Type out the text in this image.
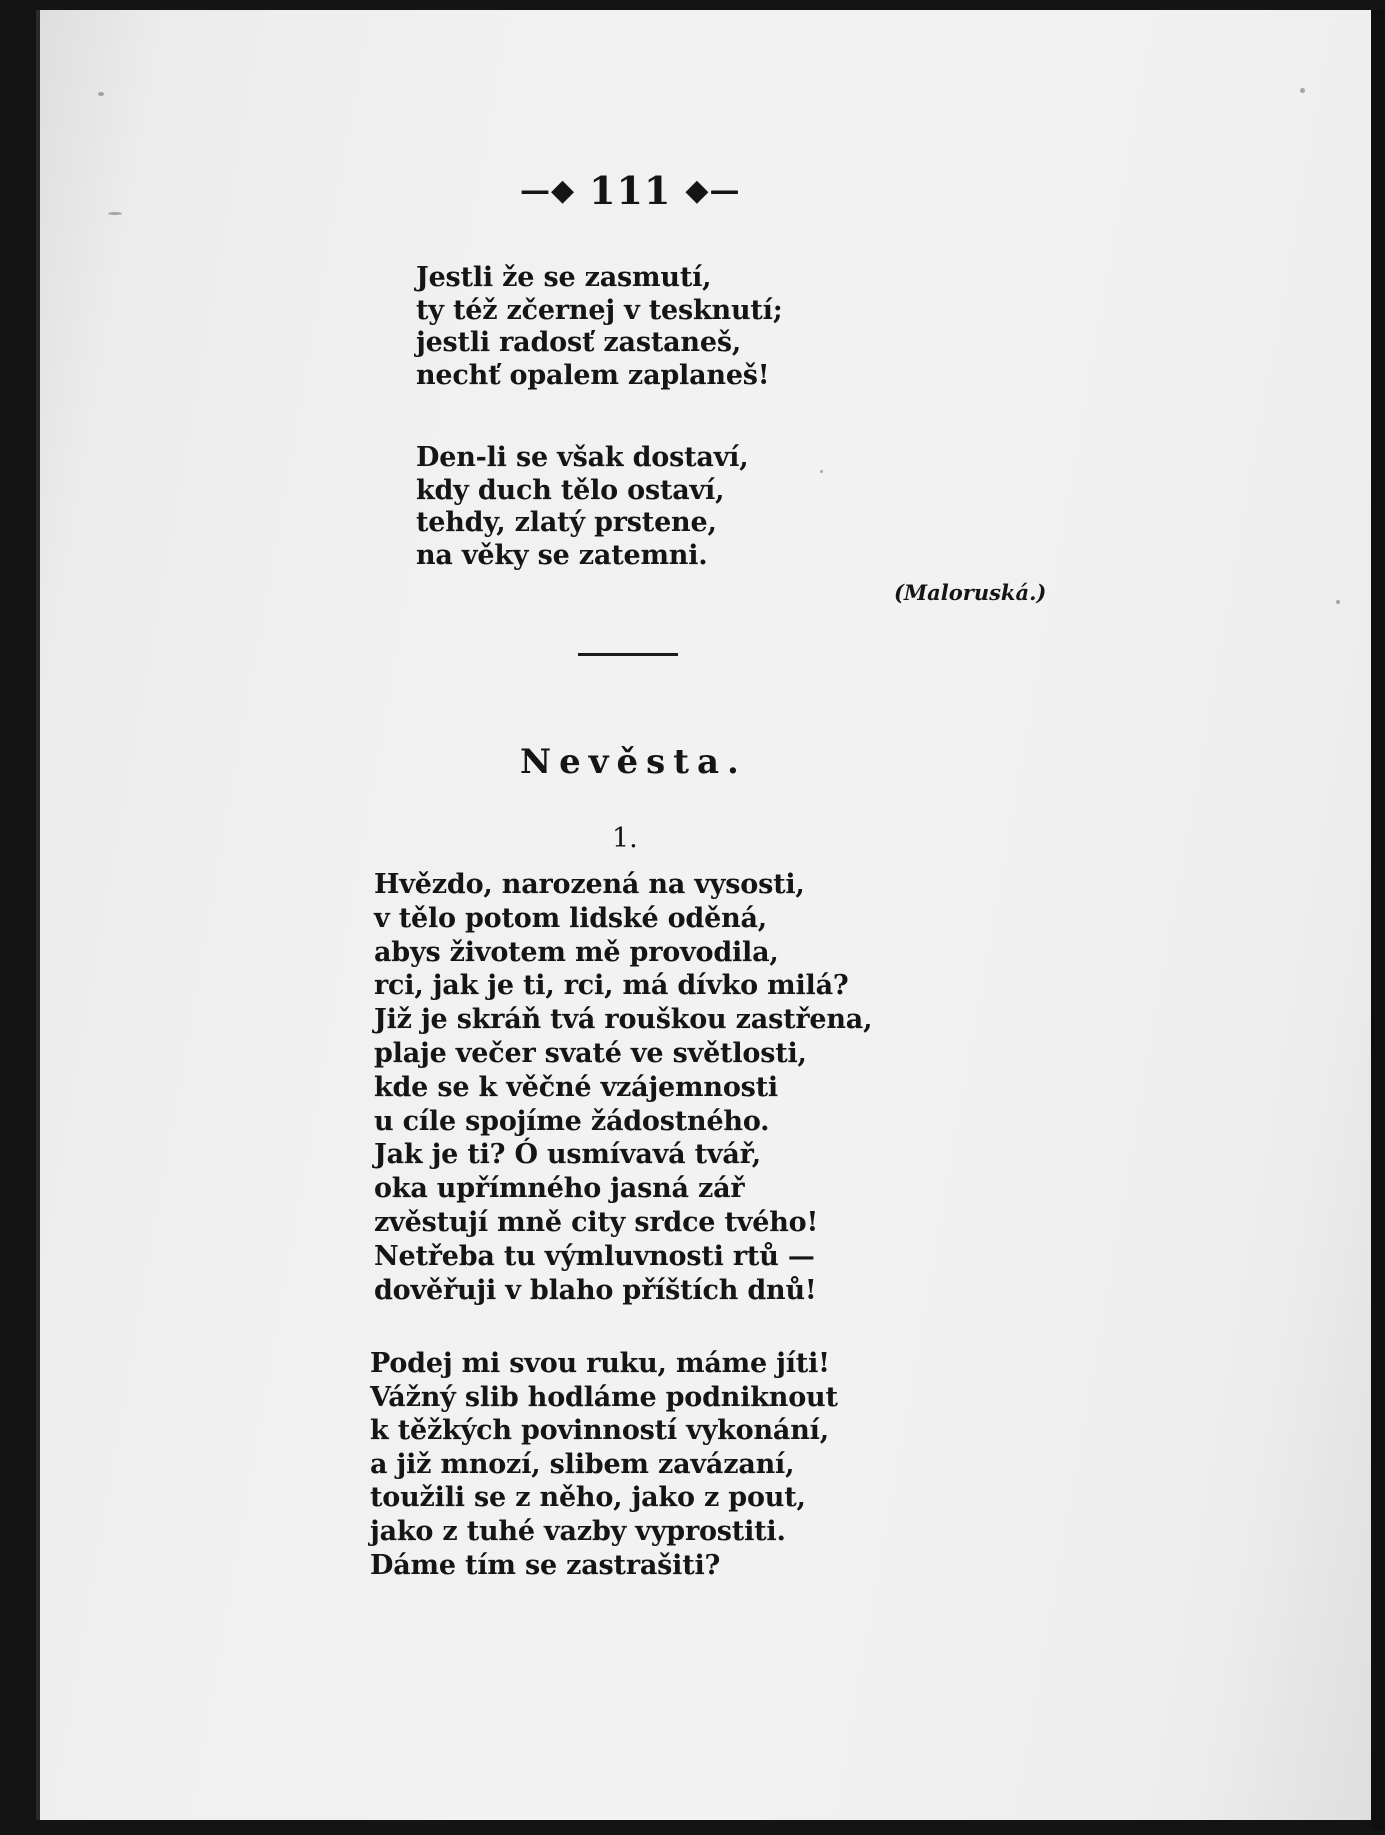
—◆ 111 ◆—
Jestli že se zasmutí,
ty též zčernej v tesknutí;
jestli radosť zastaneš,
nechť opalem zaplaneš!
Den-li se však dostaví,
kdy duch tělo ostaví,
tehdy, zlatý prstene,
na věky se zatemni.
(Maloruská.)
Nevěsta.
1.
Hvězdo, narozená na vysosti,
v tělo potom lidské oděná,
abys životem mě provodila,
rci, jak je ti, rci, má dívko milá?
Již je skráň tvá rouškou zastřena,
plaje večer svaté ve světlosti,
kde se k věčné vzájemnosti
u cíle spojíme žádostného.
Jak je ti? Ó usmívavá tvář,
oka upřímného jasná zář
zvěstují mně city srdce tvého!
Netřeba tu výmluvnosti rtů —
dověřuji v blaho příštích dnů!
Podej mi svou ruku, máme jíti!
Vážný slib hodláme podniknout
k těžkých povinností vykonání,
a již mnozí, slibem zavázaní,
toužili se z něho, jako z pout,
jako z tuhé vazby vyprostiti.
Dáme tím se zastrašiti?
